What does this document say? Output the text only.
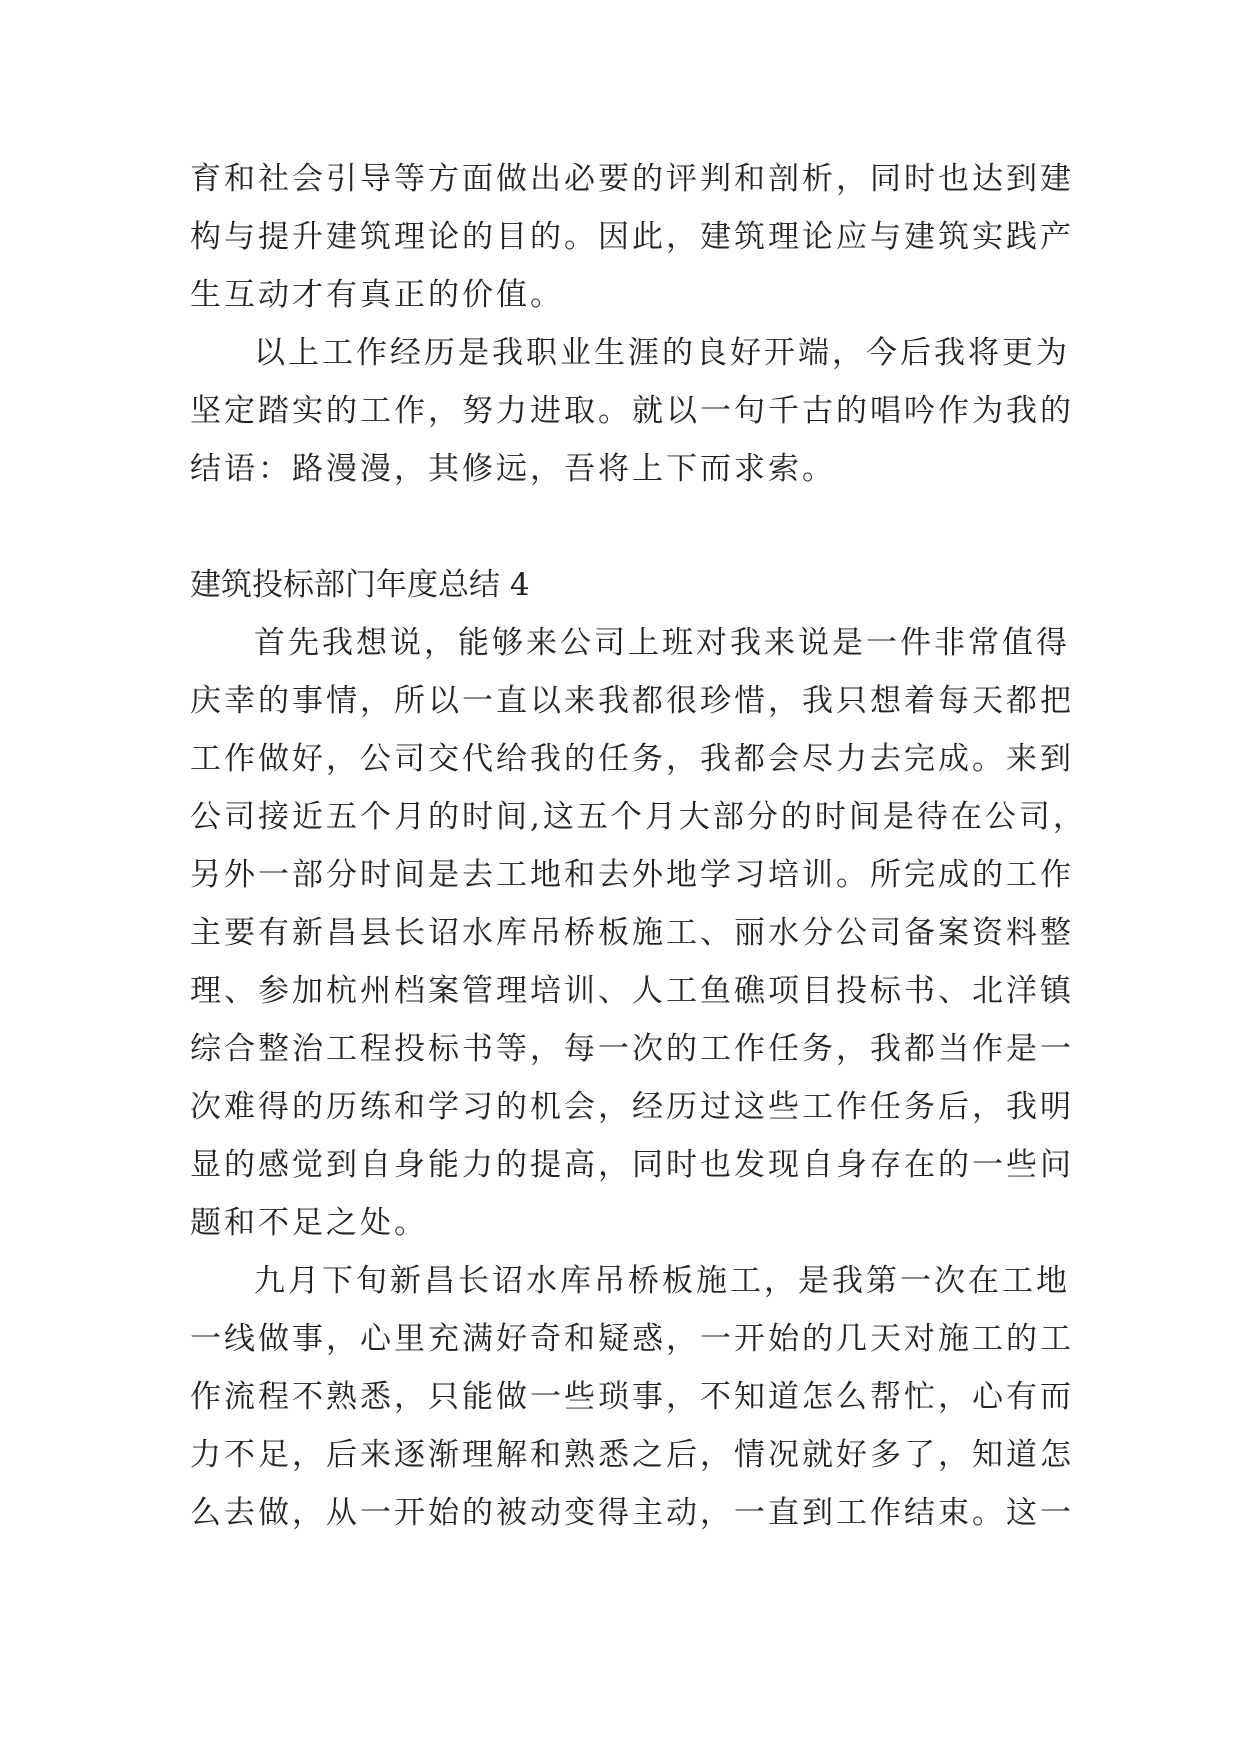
育和社会引导等方面做出必要的评判和剖析，同时也达到建
构与提升建筑理论的目的。因此，建筑理论应与建筑实践产
生互动才有真正的价值。
以上工作经历是我职业生涯的良好开端，今后我将更为
坚定踏实的工作，努力进取。就以一句千古的唱吟作为我的
结语：路漫漫，其修远，吾将上下而求索。
建筑投标部门年度总结 4
首先我想说，能够来公司上班对我来说是一件非常值得
庆幸的事情，所以一直以来我都很珍惜，我只想着每天都把
工作做好，公司交代给我的任务，我都会尽力去完成。来到
公司接近五个月的时间,这五个月大部分的时间是待在公司，
另外一部分时间是去工地和去外地学习培训。所完成的工作
主要有新昌县长诏水库吊桥板施工、丽水分公司备案资料整
理、参加杭州档案管理培训、人工鱼礁项目投标书、北洋镇
综合整治工程投标书等，每一次的工作任务，我都当作是一
次难得的历练和学习的机会，经历过这些工作任务后，我明
显的感觉到自身能力的提高，同时也发现自身存在的一些问
题和不足之处。
九月下旬新昌长诏水库吊桥板施工，是我第一次在工地
一线做事，心里充满好奇和疑惑，一开始的几天对施工的工
作流程不熟悉，只能做一些琐事，不知道怎么帮忙，心有而
力不足，后来逐渐理解和熟悉之后，情况就好多了，知道怎
么去做，从一开始的被动变得主动，一直到工作结束。这一
